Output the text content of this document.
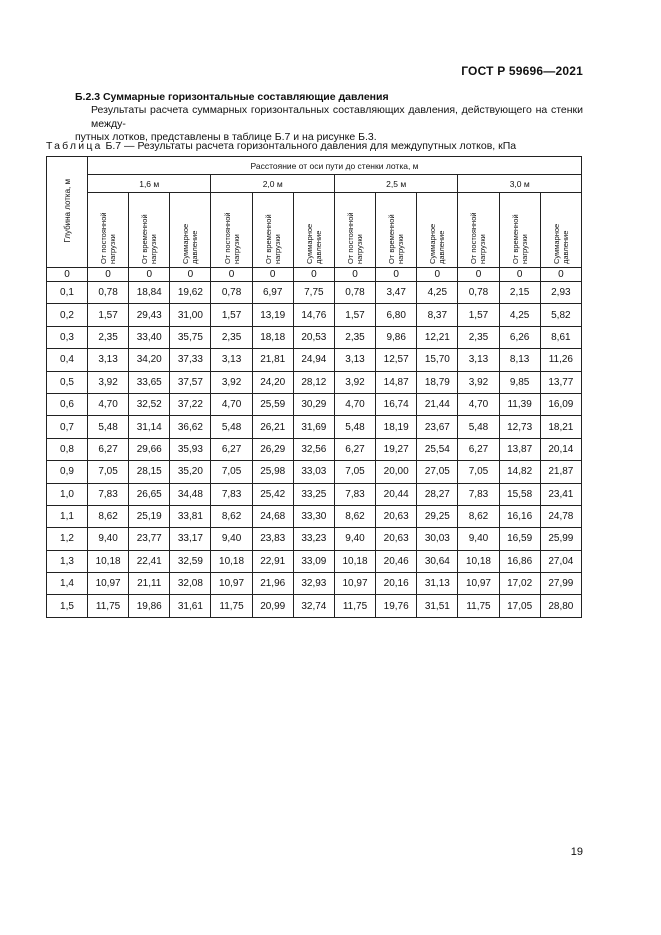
ГОСТ Р 59696—2021
Б.2.3 Суммарные горизонтальные составляющие давления
Результаты расчета суммарных горизонтальных составляющих давления, действующего на стенки между-
путных лотков, представлены в таблице Б.7 и на рисунке Б.3.
Таблица Б.7 — Результаты расчета горизонтального давления для междупутных лотков, кПа
Глубина лотка, м	Расстояние от оси пути до стенки лотка, м											
	1,6 м			2,0 м			2,5 м			3,0 м		
	От постоянной нагрузки	От временной нагрузки	Суммарное давление	От постоянной нагрузки	От временной нагрузки	Суммарное давление	От постоянной нагрузки	От временной нагрузки	Суммарное давление	От постоянной нагрузки	От временной нагрузки	Суммарное давление
0	0	0	0	0	0	0	0	0	0	0	0	0
0,1	0,78	18,84	19,62	0,78	6,97	7,75	0,78	3,47	4,25	0,78	2,15	2,93
0,2	1,57	29,43	31,00	1,57	13,19	14,76	1,57	6,80	8,37	1,57	4,25	5,82
0,3	2,35	33,40	35,75	2,35	18,18	20,53	2,35	9,86	12,21	2,35	6,26	8,61
0,4	3,13	34,20	37,33	3,13	21,81	24,94	3,13	12,57	15,70	3,13	8,13	11,26
0,5	3,92	33,65	37,57	3,92	24,20	28,12	3,92	14,87	18,79	3,92	9,85	13,77
0,6	4,70	32,52	37,22	4,70	25,59	30,29	4,70	16,74	21,44	4,70	11,39	16,09
0,7	5,48	31,14	36,62	5,48	26,21	31,69	5,48	18,19	23,67	5,48	12,73	18,21
0,8	6,27	29,66	35,93	6,27	26,29	32,56	6,27	19,27	25,54	6,27	13,87	20,14
0,9	7,05	28,15	35,20	7,05	25,98	33,03	7,05	20,00	27,05	7,05	14,82	21,87
1,0	7,83	26,65	34,48	7,83	25,42	33,25	7,83	20,44	28,27	7,83	15,58	23,41
1,1	8,62	25,19	33,81	8,62	24,68	33,30	8,62	20,63	29,25	8,62	16,16	24,78
1,2	9,40	23,77	33,17	9,40	23,83	33,23	9,40	20,63	30,03	9,40	16,59	25,99
1,3	10,18	22,41	32,59	10,18	22,91	33,09	10,18	20,46	30,64	10,18	16,86	27,04
1,4	10,97	21,11	32,08	10,97	21,96	32,93	10,97	20,16	31,13	10,97	17,02	27,99
1,5	11,75	19,86	31,61	11,75	20,99	32,74	11,75	19,76	31,51	11,75	17,05	28,80
19
